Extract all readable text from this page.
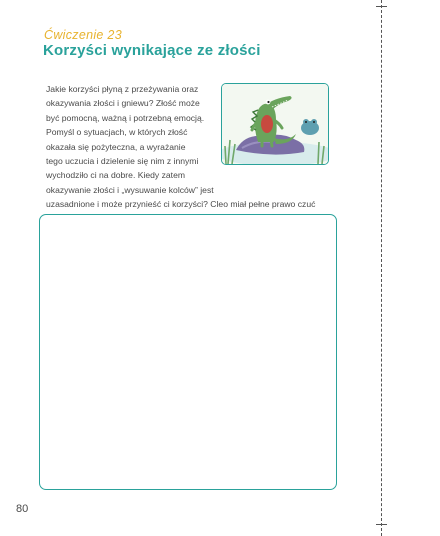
Ćwiczenie 23
Korzyści wynikające ze złości
Jakie korzyści płyną z przeżywania oraz
okazywania złości i gniewu? Złość może
być pomocną, ważną i potrzebną emocją.
Pomyśl o sytuacjach, w których złość
okazała się pożyteczna, a wyrażanie
tego uczucia i dzielenie się nim z innymi
wychodziło ci na dobre. Kiedy zatem
okazywanie złości i „wysuwanie kolców” jest
uzasadnione i może przynieść ci korzyści? Cleo miał pełne prawo czuć
80
